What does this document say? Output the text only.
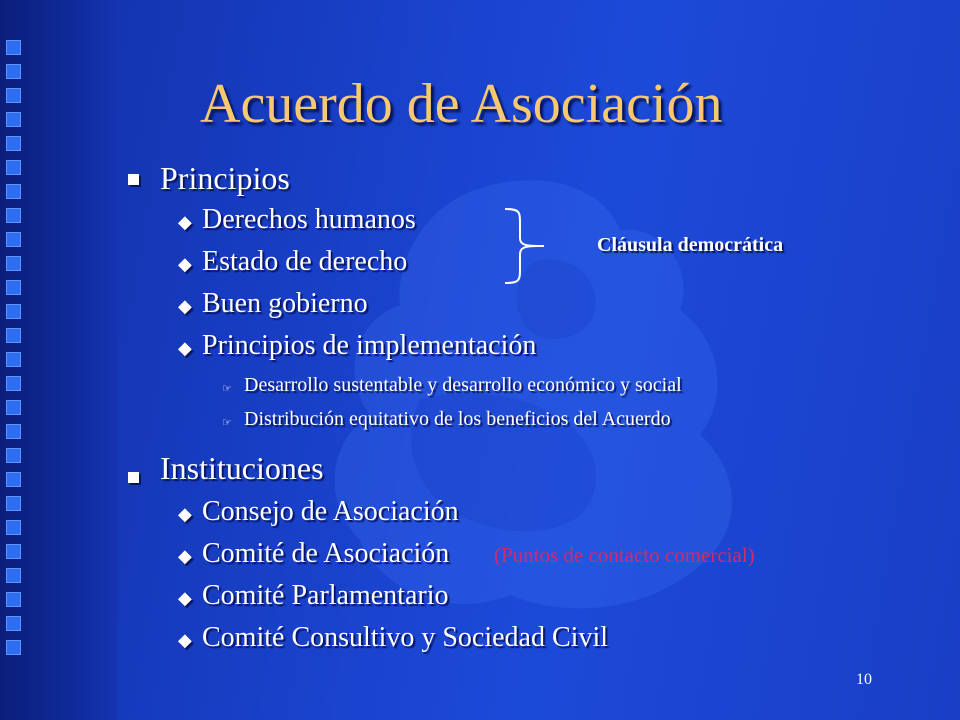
Acuerdo de Asociación
Principios
◆ Derechos humanos
◆ Estado de derecho
◆ Buen gobierno
◆ Principios de implementación
☞ Desarrollo sustentable y desarrollo económico y social
☞ Distribución equitativo de los beneficios del Acuerdo
Cláusula democrática
Instituciones
◆ Consejo de Asociación
◆ Comité de Asociación (Puntos de contacto comercial)
◆ Comité Parlamentario
◆ Comité Consultivo y Sociedad Civil
10
